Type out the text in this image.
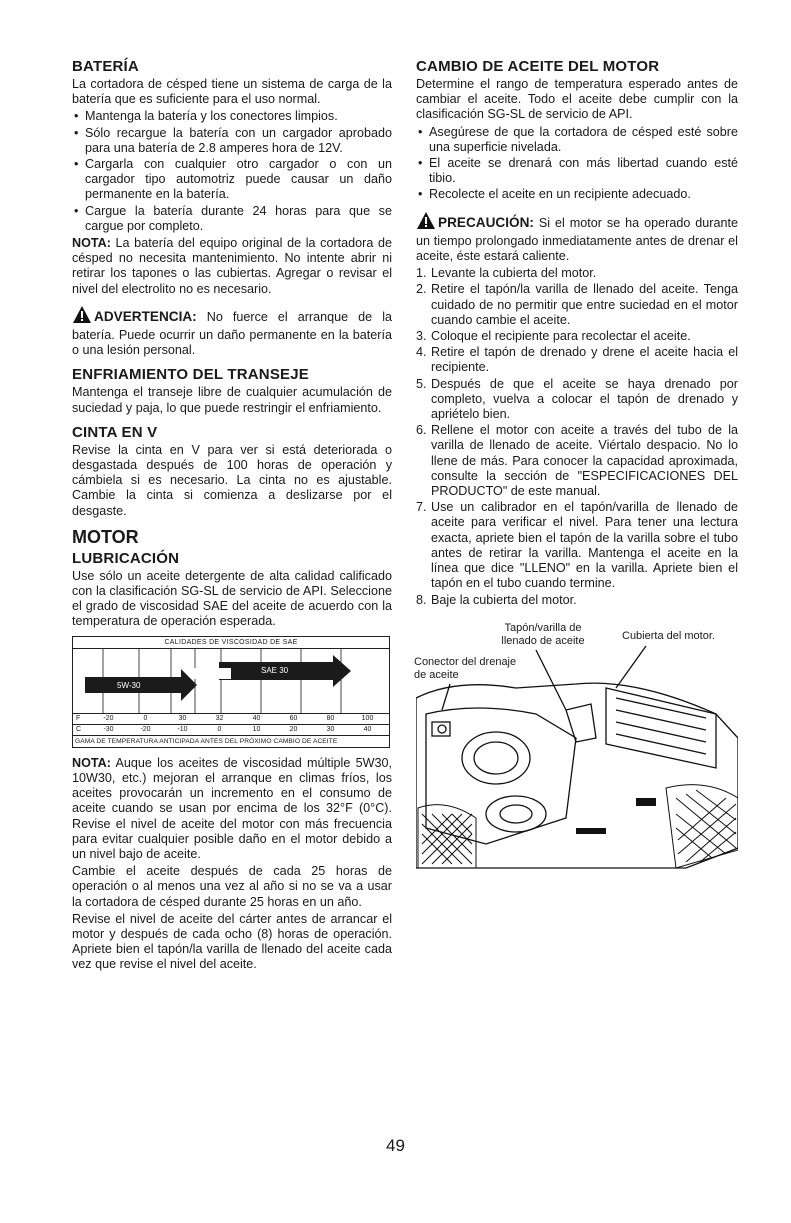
BATERÍA

La cortadora de césped tiene un sistema de carga de la batería que es suficiente para el uso normal.

• Mantenga la batería y los conectores limpios.
• Sólo recargue la batería con un cargador aprobado para una batería de 2.8 amperes hora de 12V.
• Cargarla con cualquier otro cargador o con un cargador tipo automotriz puede causar un daño permanente en la batería.
• Cargue la batería durante 24 horas para que se cargue por completo.

NOTA: La batería del equipo original de la cortadora de césped no necesita mantenimiento. No intente abrir ni retirar los tapones o las cubiertas. Agregar o revisar el nivel del electrolito no es necesario.

ADVERTENCIA: No fuerce el arranque de la batería. Puede ocurrir un daño permanente en la batería o una lesión personal.

ENFRIAMIENTO DEL TRANSEJE

Mantenga el transeje libre de cualquier acumulación de suciedad y paja, lo que puede restringir el enfriamiento.

CINTA EN V

Revise la cinta en V para ver si está deteriorada o desgastada después de 100 horas de operación y cámbiela si es necesario. La cinta no es ajustable. Cambie la cinta si comienza a deslizarse por el desgaste.

MOTOR
LUBRICACIÓN

Use sólo un aceite detergente de alta calidad calificado con la clasificación SG-SL de servicio de API. Seleccione el grado de viscosidad SAE del aceite de acuerdo con la temperatura de operación esperada.

CALIDADES DE VISCOSIDAD DE SAE
SAE 30
5W-30
F	-20	0	30	32	40	60	80	100
C	-30	-20	-10	0	10	20	30	40
GAMA DE TEMPERATURA ANTICIPADA ANTES DEL PRÓXIMO CAMBIO DE ACEITE

NOTA: Auque los aceites de viscosidad múltiple 5W30, 10W30, etc.) mejoran el arranque en climas fríos, los aceites provocarán un incremento en el consumo de aceite cuando se usan por encima de los 32°F (0°C). Revise el nivel de aceite del motor con más frecuencia para evitar cualquier posible daño en el motor debido a un nivel bajo de aceite.

Cambie el aceite después de cada 25 horas de operación o al menos una vez al año si no se va a usar la cortadora de césped durante 25 horas en un año.

Revise el nivel de aceite del cárter antes de arrancar el motor y después de cada ocho (8) horas de operación. Apriete bien el tapón/la varilla de llenado del aceite cada vez que revise el nivel del aceite.

CAMBIO DE ACEITE DEL MOTOR

Determine el rango de temperatura esperado antes de cambiar el aceite. Todo el aceite debe cumplir con la clasificación SG-SL de servicio de API.

• Asegúrese de que la cortadora de césped esté sobre una superficie nivelada.
• El aceite se drenará con más libertad cuando esté tibio.
• Recolecte el aceite en un recipiente adecuado.

PRECAUCIÓN: Si el motor se ha operado durante un tiempo prolongado inmediatamente antes de drenar el aceite, éste estará caliente.

1. Levante la cubierta del motor.
2. Retire el tapón/la varilla de llenado del aceite. Tenga cuidado de no permitir que entre suciedad en el motor cuando cambie el aceite.
3. Coloque el recipiente para recolectar el aceite.
4. Retire el tapón de drenado y drene el aceite hacia el recipiente.
5. Después de que el aceite se haya drenado por completo, vuelva a colocar el tapón de drenado y apriételo bien.
6. Rellene el motor con aceite a través del tubo de la varilla de llenado de aceite. Viértalo despacio. No lo llene de más. Para conocer la capacidad aproximada, consulte la sección de "ESPECIFICACIONES DEL PRODUCTO" de este manual.
7. Use un calibrador en el tapón/varilla de llenado de aceite para verificar el nivel. Para tener una lectura exacta, apriete bien el tapón de la varilla sobre el tubo antes de retirar la varilla. Mantenga el aceite en la línea que dice "LLENO" en la varilla. Apriete bien el tapón en el tubo cuando termine.
8. Baje la cubierta del motor.
Tapón/varilla de
llenado de aceite	Cubierta del motor.
Conector del drenaje
de aceite
49
